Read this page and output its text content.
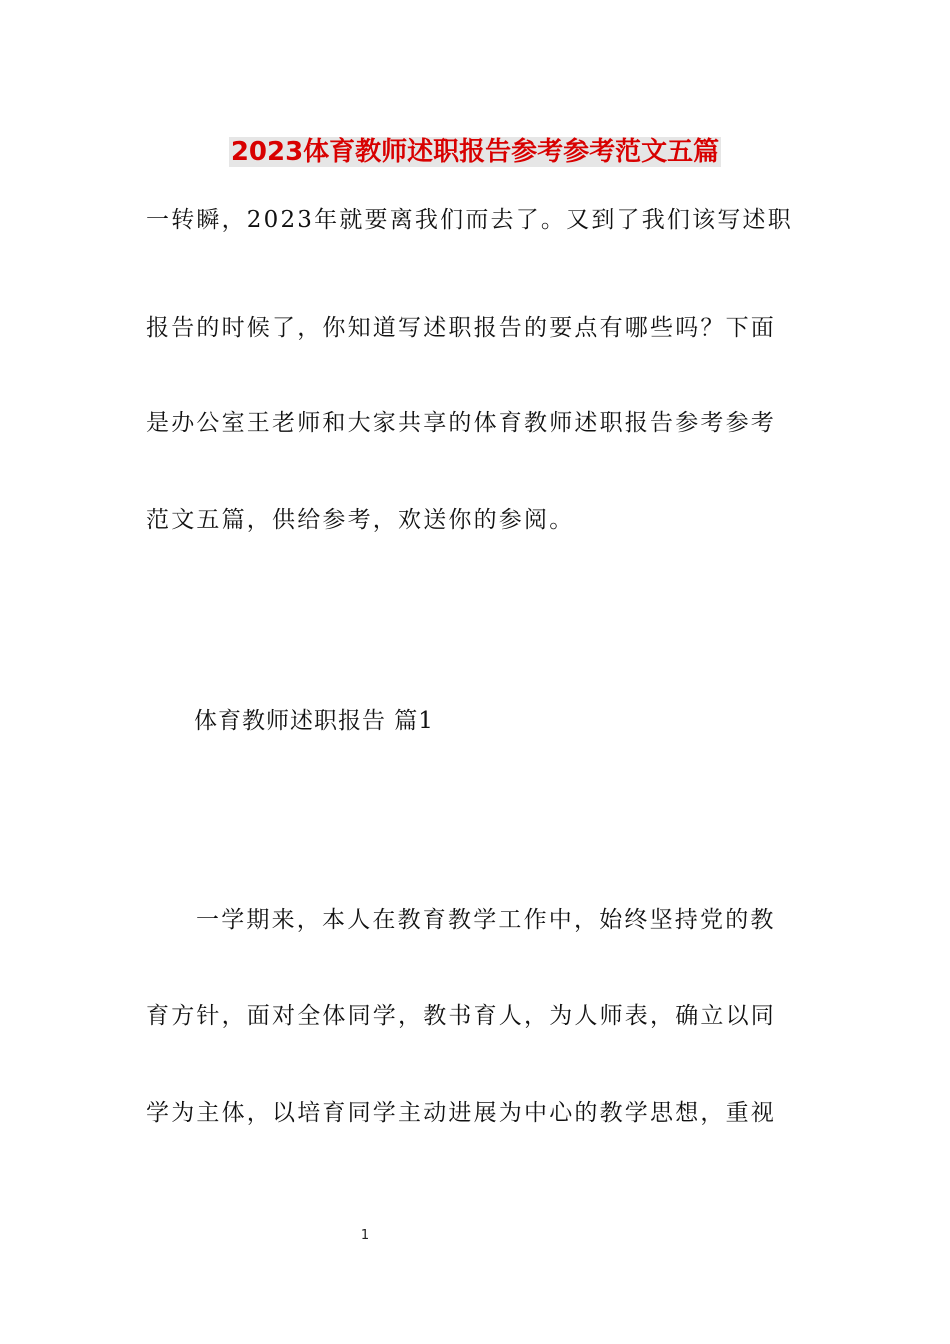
2023体育教师述职报告参考参考范文五篇
一转瞬，2023年就要离我们而去了。又到了我们该写述职
报告的时候了，你知道写述职报告的要点有哪些吗？下面
是办公室王老师和大家共享的体育教师述职报告参考参考
范文五篇，供给参考，欢送你的参阅。
体育教师述职报告 篇1
一学期来，本人在教育教学工作中，始终坚持党的教
育方针，面对全体同学，教书育人，为人师表，确立以同
学为主体，以培育同学主动进展为中心的教学思想，重视
1
